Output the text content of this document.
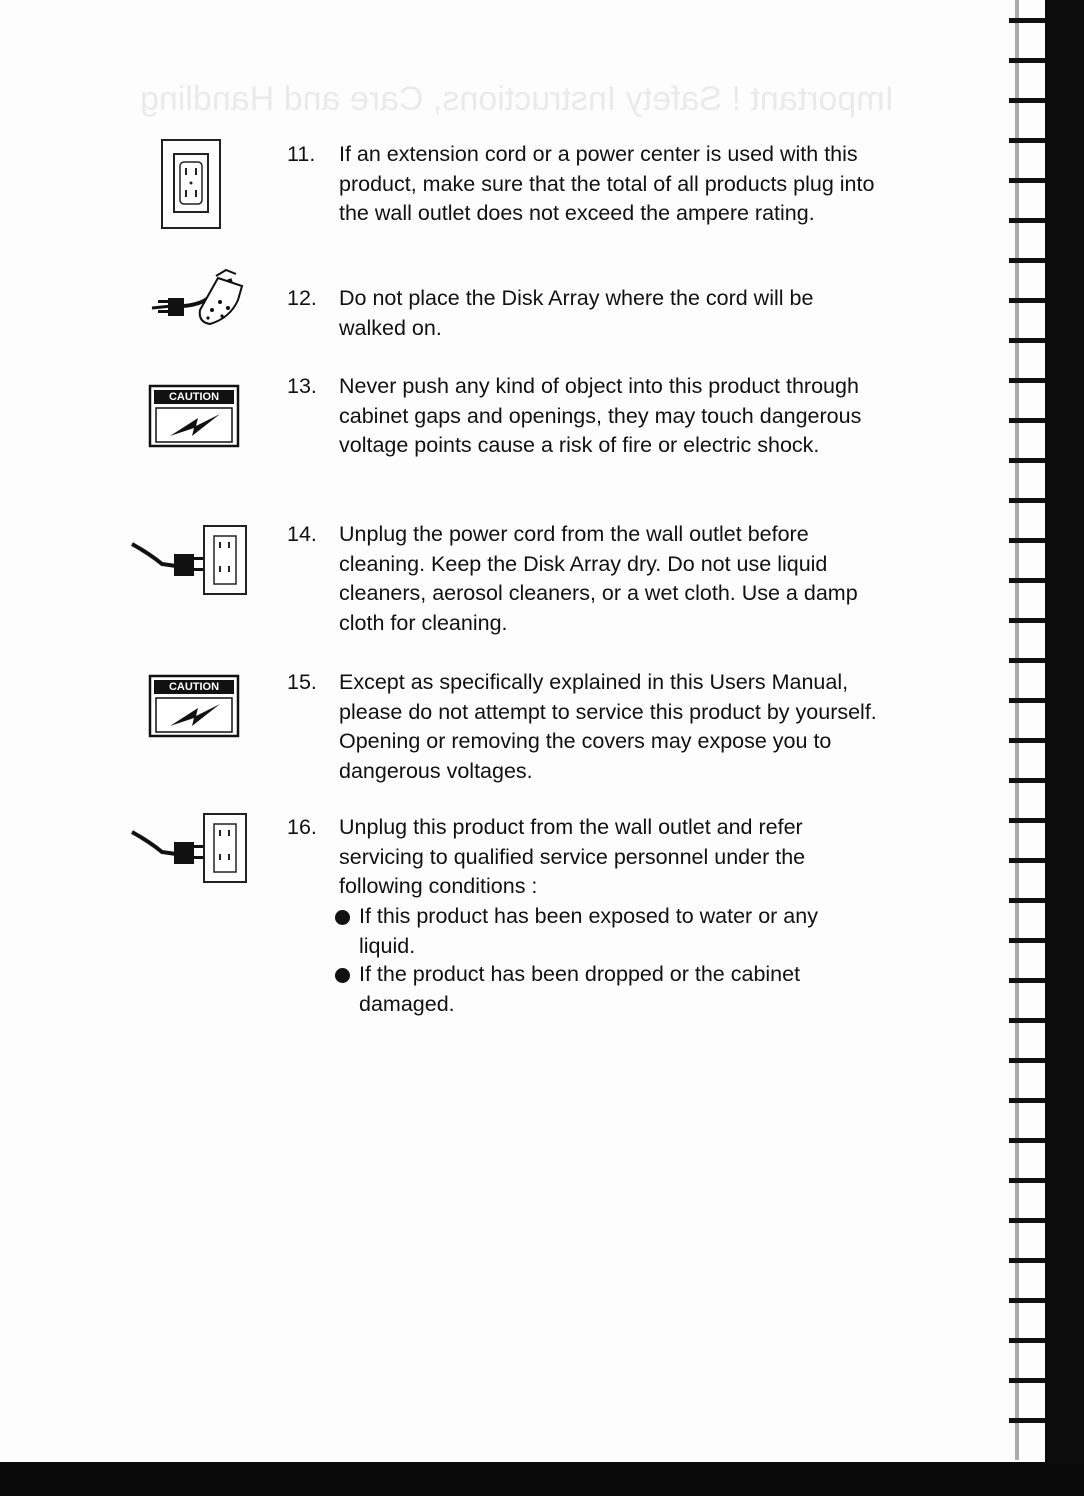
Important ! Safety Instructions, Care and Handling
11.	If an extension cord or a power center is used with this product, make sure that the total of all products plug into the wall outlet does not exceed the ampere rating.
12.	Do not place the Disk Array where the cord will be walked on.
CAUTION	13.	Never push any kind of object into this product through cabinet gaps and openings, they may touch dangerous voltage points cause a risk of fire or electric shock.
14.	Unplug the power cord from the wall outlet before cleaning. Keep the Disk Array dry. Do not use liquid cleaners, aerosol cleaners, or a wet cloth. Use a damp cloth for cleaning.
CAUTION	15.	Except as specifically explained in this Users Manual, please do not attempt to service this product by yourself. Opening or removing the covers may expose you to dangerous voltages.
16.	Unplug this product from the wall outlet and refer servicing to qualified service personnel under the following conditions :
If this product has been exposed to water or any liquid.
If the product has been dropped or the cabinet damaged.
